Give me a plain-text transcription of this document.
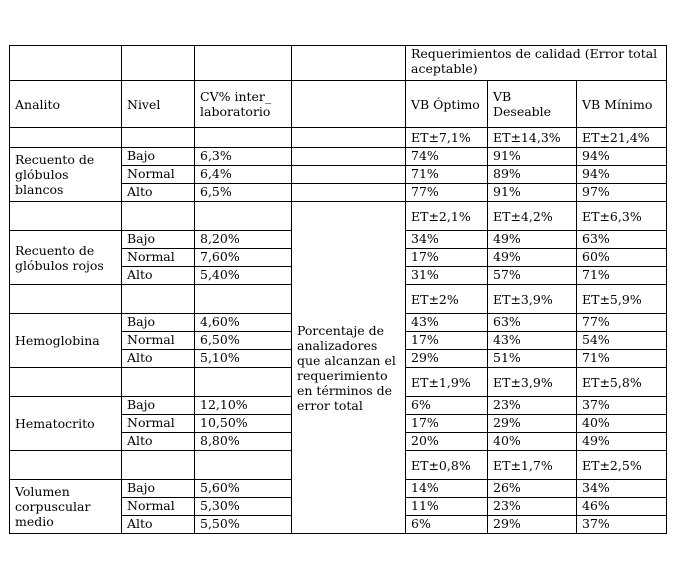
				Requerimientos de calidad (Error total aceptable)		
Analito	Nivel	CV% inter_ laboratorio		VB Óptimo	VB Deseable	VB Mínimo
				ET±7,1%	ET±14,3%	ET±21,4%
Recuento de glóbulos blancos	Bajo	6,3%		74%	91%	94%
	Normal	6,4%		71%	89%	94%
	Alto	6,5%		77%	91%	97%
			Porcentaje de analizadores que alcanzan el requerimiento en términos de error total	ET±2,1%	ET±4,2%	ET±6,3%
Recuento de glóbulos rojos	Bajo	8,20%		34%	49%	63%
	Normal	7,60%		17%	49%	60%
	Alto	5,40%		31%	57%	71%
				ET±2%	ET±3,9%	ET±5,9%
Hemoglobina	Bajo	4,60%		43%	63%	77%
	Normal	6,50%		17%	43%	54%
	Alto	5,10%		29%	51%	71%
				ET±1,9%	ET±3,9%	ET±5,8%
Hematocrito	Bajo	12,10%		6%	23%	37%
	Normal	10,50%		17%	29%	40%
	Alto	8,80%		20%	40%	49%
				ET±0,8%	ET±1,7%	ET±2,5%
Volumen corpuscular medio	Bajo	5,60%		14%	26%	34%
	Normal	5,30%		11%	23%	46%
	Alto	5,50%		6%	29%	37%
